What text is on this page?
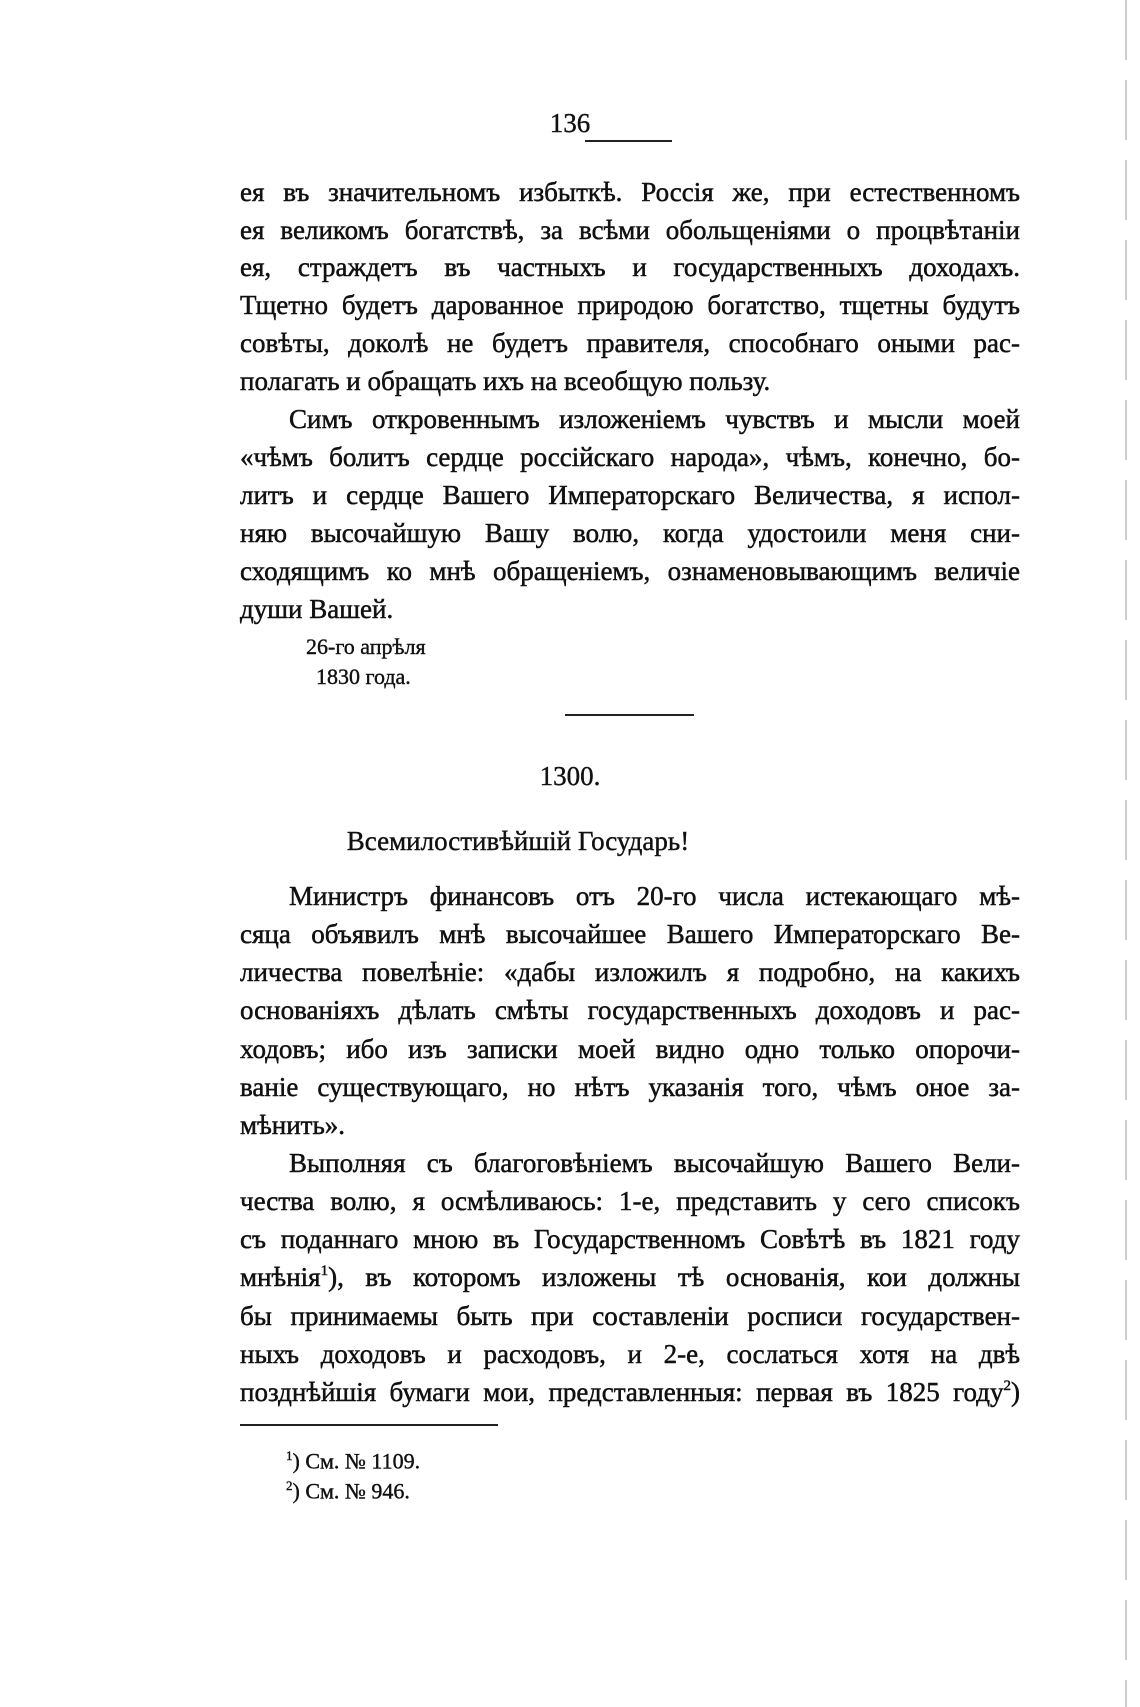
136
ея въ значительномъ избыткѣ. Россія же, при естественномъ
ея великомъ богатствѣ, за всѣми обольщеніями о процвѣтаніи
ея, страждетъ въ частныхъ и государственныхъ доходахъ.
Тщетно будетъ дарованное природою богатство, тщетны будутъ
совѣты, доколѣ не будетъ правителя, способнаго оными рас-
полагать и обращать ихъ на всеобщую пользу.
Симъ откровеннымъ изложеніемъ чувствъ и мысли моей
«чѣмъ болитъ сердце россійскаго народа», чѣмъ, конечно, бо-
литъ и сердце Вашего Императорскаго Величества, я испол-
няю высочайшую Вашу волю, когда удостоили меня сни-
сходящимъ ко мнѣ обращеніемъ, ознаменовывающимъ величіе
души Вашей.
Министръ финансовъ отъ 20-го числа истекающаго мѣ-
сяца объявилъ мнѣ высочайшее Вашего Императорскаго Ве-
личества повелѣніе: «дабы изложилъ я подробно, на какихъ
основаніяхъ дѣлать смѣты государственныхъ доходовъ и рас-
ходовъ; ибо изъ записки моей видно одно только опорочи-
ваніе существующаго, но нѣтъ указанія того, чѣмъ оное за-
мѣнить».
Выполняя съ благоговѣніемъ высочайшую Вашего Вели-
чества волю, я осмѣливаюсь: 1-е, представить у сего списокъ
съ поданнаго мною въ Государственномъ Совѣтѣ въ 1821 году
мнѣнія$^1$), въ которомъ изложены тѣ основанія, кои должны
бы принимаемы быть при составленіи росписи государствен-
ныхъ доходовъ и расходовъ, и 2-е, сослаться хотя на двѣ
позднѣйшія бумаги мои, представленныя: первая въ 1825 году$^2$)
26-го апрѣля
1830 года.
1300.
Всемилостивѣйшій Государь!
$^1$) См. № 1109.
$^2$) См. № 946.
